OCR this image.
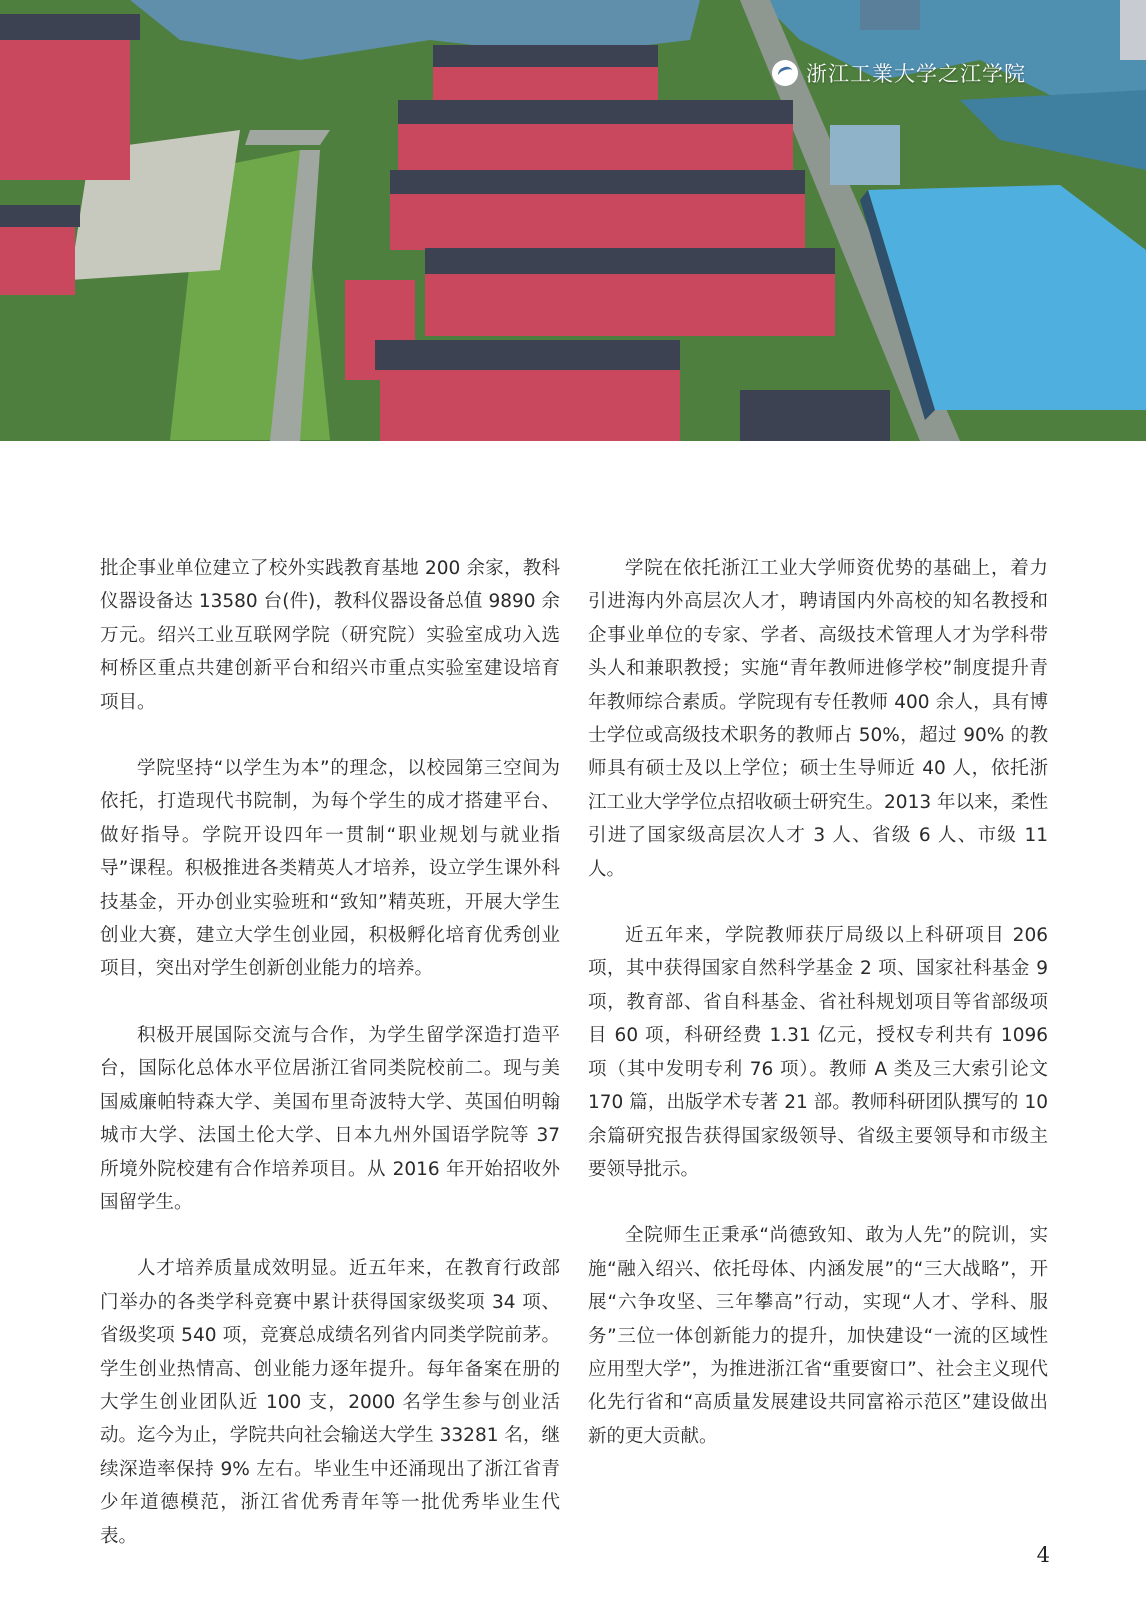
浙江工業大学之江学院

批企事业单位建立了校外实践教育基地 200 余家，教科仪器设备达 13580 台(件)，教科仪器设备总值 9890 余万元。绍兴工业互联网学院（研究院）实验室成功入选柯桥区重点共建创新平台和绍兴市重点实验室建设培育项目。

学院坚持“以学生为本”的理念，以校园第三空间为依托，打造现代书院制，为每个学生的成才搭建平台、做好指导。学院开设四年一贯制“职业规划与就业指导”课程。积极推进各类精英人才培养，设立学生课外科技基金，开办创业实验班和“致知”精英班，开展大学生创业大赛，建立大学生创业园，积极孵化培育优秀创业项目，突出对学生创新创业能力的培养。

积极开展国际交流与合作，为学生留学深造打造平台，国际化总体水平位居浙江省同类院校前二。现与美国威廉帕特森大学、美国布里奇波特大学、英国伯明翰城市大学、法国土伦大学、日本九州外国语学院等 37 所境外院校建有合作培养项目。从 2016 年开始招收外国留学生。

人才培养质量成效明显。近五年来，在教育行政部门举办的各类学科竞赛中累计获得国家级奖项 34 项、省级奖项 540 项，竞赛总成绩名列省内同类学院前茅。学生创业热情高、创业能力逐年提升。每年备案在册的大学生创业团队近 100 支，2000 名学生参与创业活动。迄今为止，学院共向社会输送大学生 33281 名，继续深造率保持 9% 左右。毕业生中还涌现出了浙江省青少年道德模范，浙江省优秀青年等一批优秀毕业生代表。

学院在依托浙江工业大学师资优势的基础上，着力引进海内外高层次人才，聘请国内外高校的知名教授和企事业单位的专家、学者、高级技术管理人才为学科带头人和兼职教授；实施“青年教师进修学校”制度提升青年教师综合素质。学院现有专任教师 400 余人，具有博士学位或高级技术职务的教师占 50%，超过 90% 的教师具有硕士及以上学位；硕士生导师近 40 人，依托浙江工业大学学位点招收硕士研究生。2013 年以来，柔性引进了国家级高层次人才 3 人、省级 6 人、市级 11 人。

近五年来，学院教师获厅局级以上科研项目 206 项，其中获得国家自然科学基金 2 项、国家社科基金 9 项，教育部、省自科基金、省社科规划项目等省部级项目 60 项，科研经费 1.31 亿元，授权专利共有 1096 项（其中发明专利 76 项）。教师 A 类及三大索引论文 170 篇，出版学术专著 21 部。教师科研团队撰写的 10 余篇研究报告获得国家级领导、省级主要领导和市级主要领导批示。

全院师生正秉承“尚德致知、敢为人先”的院训，实施“融入绍兴、依托母体、内涵发展”的“三大战略”，开展“六争攻坚、三年攀高”行动，实现“人才、学科、服务”三位一体创新能力的提升，加快建设“一流的区域性应用型大学”，为推进浙江省“重要窗口”、社会主义现代化先行省和“高质量发展建设共同富裕示范区”建设做出新的更大贡献。

4
